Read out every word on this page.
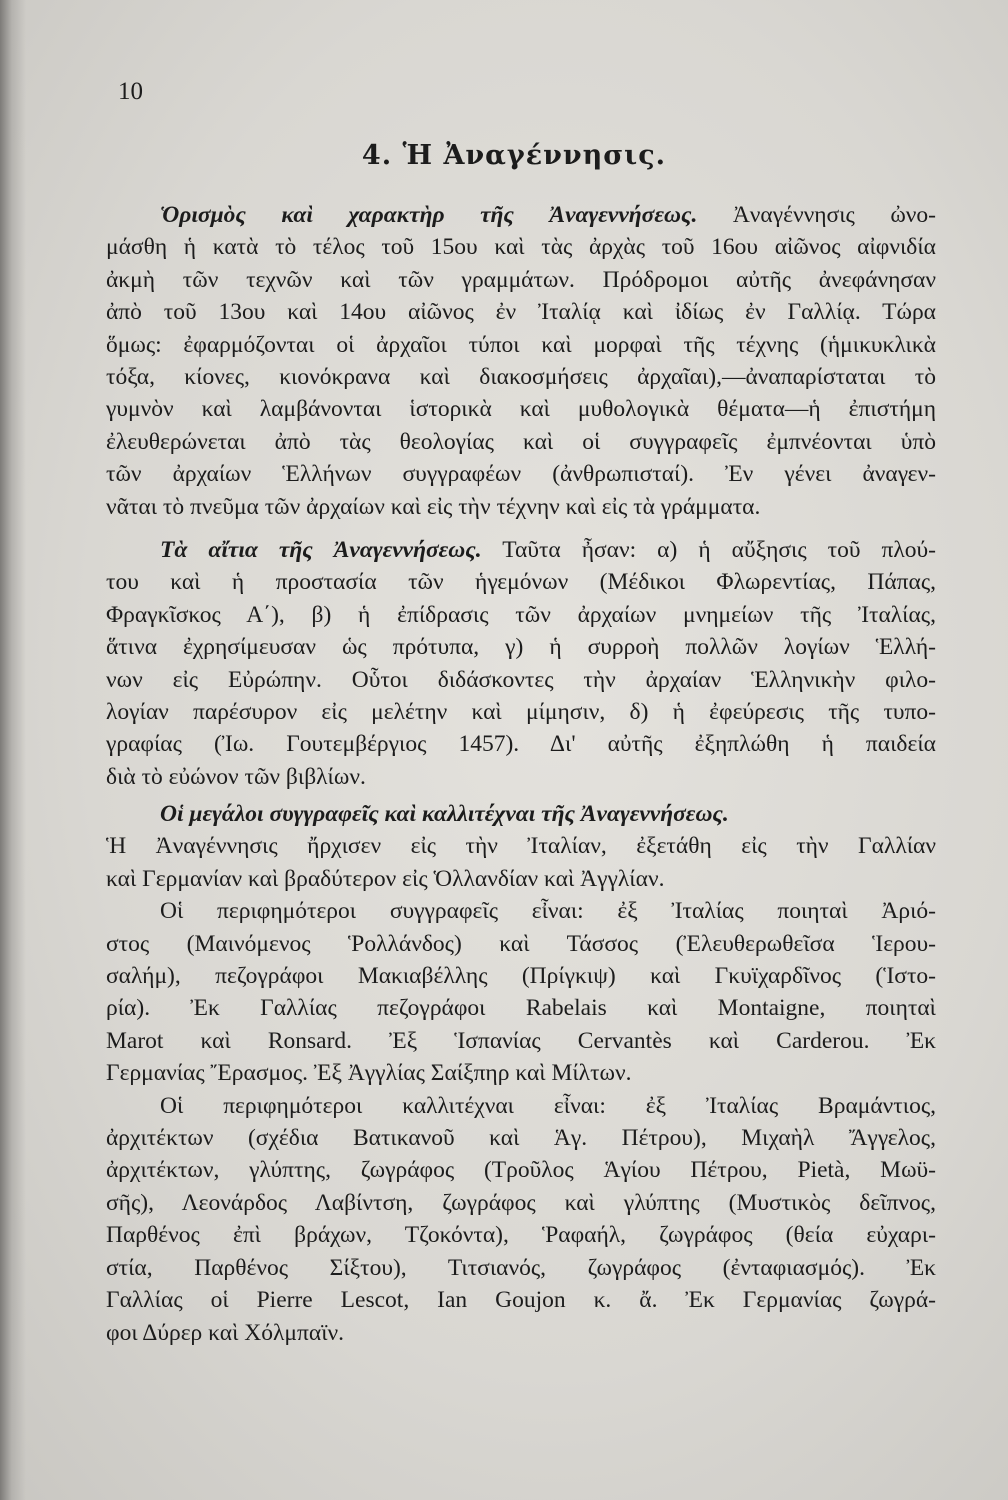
10
4. Ἡ Ἀναγέννησις.
Ὁρισμὸς καὶ χαρακτὴρ τῆς Ἀναγεννήσεως. Ἀναγέννησις ὠνο-
μάσθη ἡ κατὰ τὸ τέλος τοῦ 15ου καὶ τὰς ἀρχὰς τοῦ 16ου αἰῶνος αἰφνιδία
ἀκμὴ τῶν τεχνῶν καὶ τῶν γραμμάτων. Πρόδρομοι αὐτῆς ἀνεφάνησαν
ἀπὸ τοῦ 13ου καὶ 14ου αἰῶνος ἐν Ἰταλίᾳ καὶ ἰδίως ἐν Γαλλίᾳ. Τώρα
ὅμως: ἐφαρμόζονται οἱ ἀρχαῖοι τύποι καὶ μορφαὶ τῆς τέχνης (ἡμικυκλικὰ
τόξα, κίονες, κιονόκρανα καὶ διακοσμήσεις ἀρχαῖαι),—ἀναπαρίσταται τὸ
γυμνὸν καὶ λαμβάνονται ἱστορικὰ καὶ μυθολογικὰ θέματα—ἡ ἐπιστήμη
ἐλευθερώνεται ἀπὸ τὰς θεολογίας καὶ οἱ συγγραφεῖς ἐμπνέονται ὑπὸ
τῶν ἀρχαίων Ἑλλήνων συγγραφέων (ἀνθρωπισταί). Ἐν γένει ἀναγεν-
νᾶται τὸ πνεῦμα τῶν ἀρχαίων καὶ εἰς τὴν τέχνην καὶ εἰς τὰ γράμματα.
Τὰ αἴτια τῆς Ἀναγεννήσεως. Ταῦτα ἦσαν: α) ἡ αὔξησις τοῦ πλού-
του καὶ ἡ προστασία τῶν ἡγεμόνων (Μέδικοι Φλωρεντίας, Πάπας,
Φραγκῖσκος Α΄), β) ἡ ἐπίδρασις τῶν ἀρχαίων μνημείων τῆς Ἰταλίας,
ἅτινα ἐχρησίμευσαν ὡς πρότυπα, γ) ἡ συρροὴ πολλῶν λογίων Ἑλλή-
νων εἰς Εὐρώπην. Οὗτοι διδάσκοντες τὴν ἀρχαίαν Ἑλληνικὴν φιλο-
λογίαν παρέσυρον εἰς μελέτην καὶ μίμησιν, δ) ἡ ἐφεύρεσις τῆς τυπο-
γραφίας (Ἰω. Γουτεμβέργιος 1457). Δι' αὐτῆς ἐξηπλώθη ἡ παιδεία
διὰ τὸ εὐώνον τῶν βιβλίων.
Οἱ μεγάλοι συγγραφεῖς καὶ καλλιτέχναι τῆς Ἀναγεννήσεως.
Ἡ Ἀναγέννησις ἤρχισεν εἰς τὴν Ἰταλίαν, ἐξετάθη εἰς τὴν Γαλλίαν
καὶ Γερμανίαν καὶ βραδύτερον εἰς Ὁλλανδίαν καὶ Ἀγγλίαν.
Οἱ περιφημότεροι συγγραφεῖς εἶναι: ἐξ Ἰταλίας ποιηταὶ Ἀριό-
στος (Μαινόμενος Ῥολλάνδος) καὶ Τάσσος (Ἐλευθερωθεῖσα Ἱερου-
σαλήμ), πεζογράφοι Μακιαβέλλης (Πρίγκιψ) καὶ Γκυϊχαρδῖνος (Ἱστο-
ρία). Ἐκ Γαλλίας πεζογράφοι Rabelais καὶ Montaigne, ποιηταὶ
Marot καὶ Ronsard. Ἐξ Ἱσπανίας Cervantès καὶ Carderou. Ἐκ
Γερμανίας Ἔρασμος. Ἐξ Ἀγγλίας Σαίξπηρ καὶ Μίλτων.
Οἱ περιφημότεροι καλλιτέχναι εἶναι: ἐξ Ἰταλίας Βραμάντιος,
ἀρχιτέκτων (σχέδια Βατικανοῦ καὶ Ἁγ. Πέτρου), Μιχαὴλ Ἄγγελος,
ἀρχιτέκτων, γλύπτης, ζωγράφος (Τροῦλος Ἁγίου Πέτρου, Pietà, Μωϋ-
σῆς), Λεονάρδος Λαβίντση, ζωγράφος καὶ γλύπτης (Μυστικὸς δεῖπνος,
Παρθένος ἐπὶ βράχων, Τζοκόντα), Ῥαφαήλ, ζωγράφος (θεία εὐχαρι-
στία, Παρθένος Σίξτου), Τιτσιανός, ζωγράφος (ἐνταφιασμός). Ἐκ
Γαλλίας οἱ Pierre Lescot, Ian Goujon κ. ἄ. Ἐκ Γερμανίας ζωγρά-
φοι Δύρερ καὶ Χόλμπαϊν.
